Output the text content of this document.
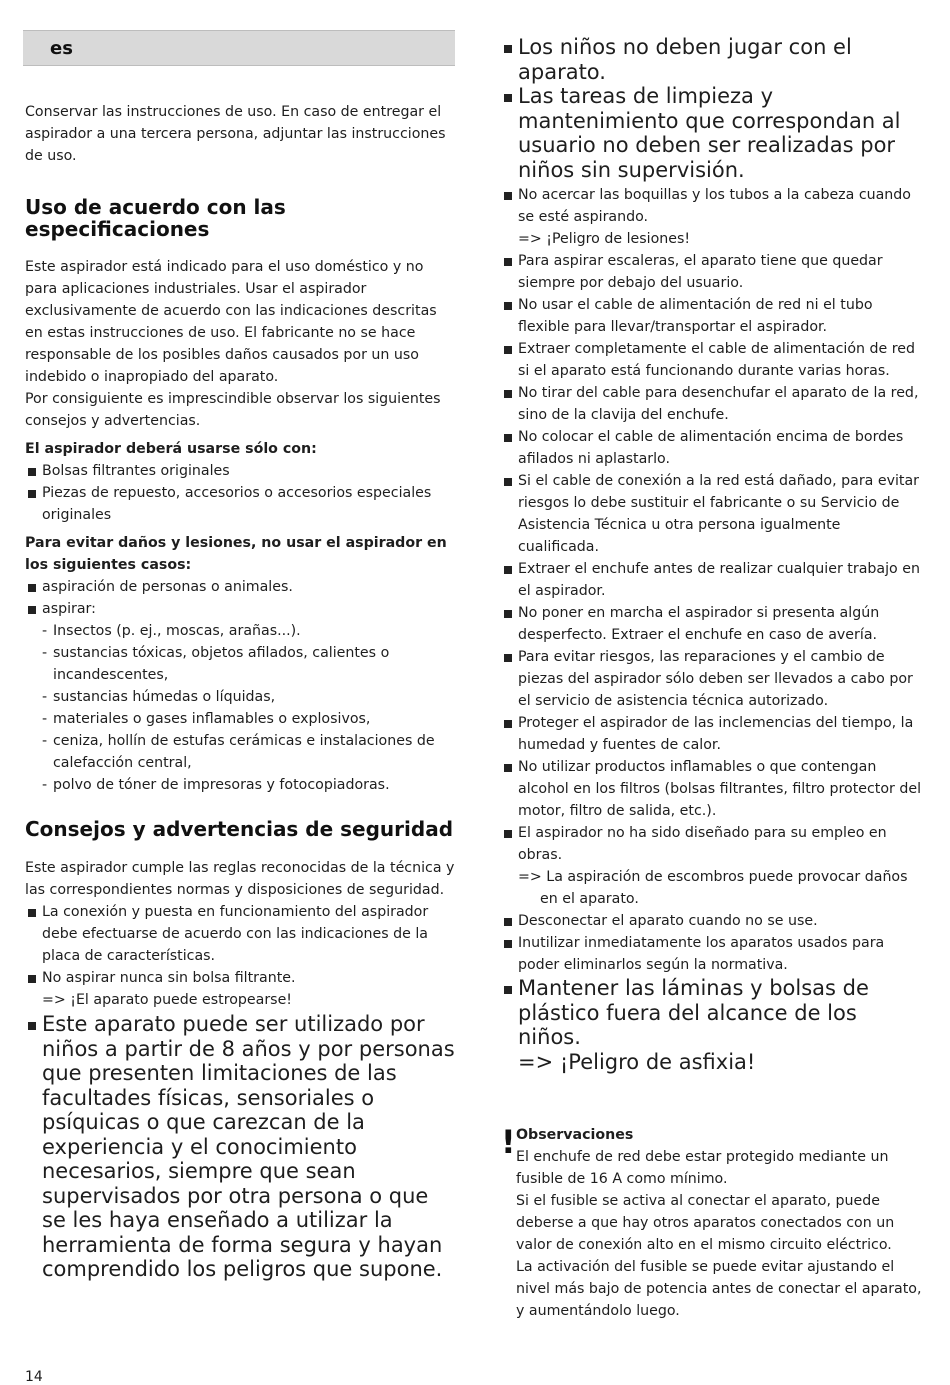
es

Conservar las instrucciones de uso. En caso de entregar el aspirador a una tercera persona, adjuntar las instrucciones de uso.

Uso de acuerdo con las
especificaciones

Este aspirador está indicado para el uso doméstico y no para aplicaciones industriales. Usar el aspirador exclusivamente de acuerdo con las indicaciones descritas en estas instrucciones de uso. El fabricante no se hace responsable de los posibles daños causados por un uso indebido o inapropiado del aparato.

Por consiguiente es imprescindible observar los siguientes consejos y advertencias.

El aspirador deberá usarse sólo con:

Bolsas filtrantes originales
Piezas de repuesto, accesorios o accesorios especiales originales

Para evitar daños y lesiones, no usar el aspirador en los siguientes casos:

aspiración de personas o animales.
aspirar:
- Insectos (p. ej., moscas, arañas...).
- sustancias tóxicas, objetos afilados, calientes o incandescentes,
- sustancias húmedas o líquidas,
- materiales o gases inflamables o explosivos,
- ceniza, hollín de estufas cerámicas e instalaciones de calefacción central,
- polvo de tóner de impresoras y fotocopiadoras.
Consejos y advertencias de seguridad

Este aspirador cumple las reglas reconocidas de la técnica y las correspondientes normas y disposiciones de seguridad.

La conexión y puesta en funcionamiento del aspirador debe efectuarse de acuerdo con las indicaciones de la placa de características.
No aspirar nunca sin bolsa filtrante.
=> ¡El aparato puede estropearse!
Este aparato puede ser utilizado por niños a partir de 8 años y por personas que presenten limitaciones de las facultades físicas, sensoriales o psíquicas o que carezcan de la experiencia y el conocimiento necesarios, siempre que sean supervisados por otra persona o que se les haya enseñado a utilizar la herramienta de forma segura y hayan comprendido los peligros que supone.
Los niños no deben jugar con el aparato.
Las tareas de limpieza y mantenimiento que correspondan al usuario no deben ser realizadas por niños sin supervisión.
No acercar las boquillas y los tubos a la cabeza cuando se esté aspirando.
=> ¡Peligro de lesiones!
Para aspirar escaleras, el aparato tiene que quedar siempre por debajo del usuario.
No usar el cable de alimentación de red ni el tubo flexible para llevar/transportar el aspirador.
Extraer completamente el cable de alimentación de red si el aparato está funcionando durante varias horas.
No tirar del cable para desenchufar el aparato de la red, sino de la clavija del enchufe.
No colocar el cable de alimentación encima de bordes afilados ni aplastarlo.
Si el cable de conexión a la red está dañado, para evitar riesgos lo debe sustituir el fabricante o su Servicio de Asistencia Técnica u otra persona igualmente cualificada.
Extraer el enchufe antes de realizar cualquier trabajo en el aspirador.
No poner en marcha el aspirador si presenta algún desperfecto. Extraer el enchufe en caso de avería.
Para evitar riesgos, las reparaciones y el cambio de piezas del aspirador sólo deben ser llevados a cabo por el servicio de asistencia técnica autorizado.
Proteger el aspirador de las inclemencias del tiempo, la humedad y fuentes de calor.
No utilizar productos inflamables o que contengan alcohol en los filtros (bolsas filtrantes, filtro protector del motor, filtro de salida, etc.).
El aspirador no ha sido diseñado para su empleo en obras.
=> La aspiración de escombros puede provocar daños en el aparato.
Desconectar el aparato cuando no se use.
Inutilizar inmediatamente los aparatos usados para poder eliminarlos según la normativa.
Mantener las láminas y bolsas de plástico fuera del alcance de los niños.
=> ¡Peligro de asfixia!
! Observaciones

El enchufe de red debe estar protegido mediante un fusible de 16 A como mínimo.

Si el fusible se activa al conectar el aparato, puede deberse a que hay otros aparatos conectados con un valor de conexión alto en el mismo circuito eléctrico.

La activación del fusible se puede evitar ajustando el nivel más bajo de potencia antes de conectar el aparato, y aumentándolo luego.

14
